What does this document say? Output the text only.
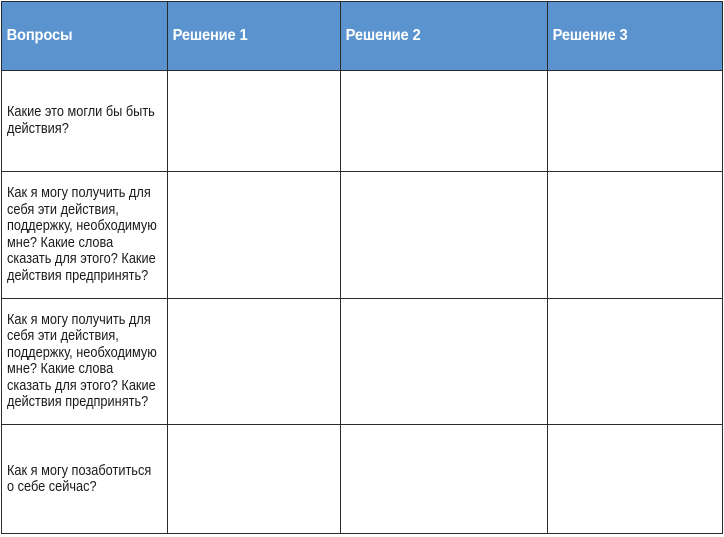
Вопросы	Решение 1	Решение 2	Решение 3

Какие это могли бы быть действия?			

Как я могу получить для себя эти действия, поддержку, необходимую мне? Какие слова сказать для этого? Какие действия предпринять?			

Как я могу получить для себя эти действия, поддержку, необходимую мне? Какие слова сказать для этого? Какие действия предпринять?			

Как я могу позаботиться о себе сейчас?			
